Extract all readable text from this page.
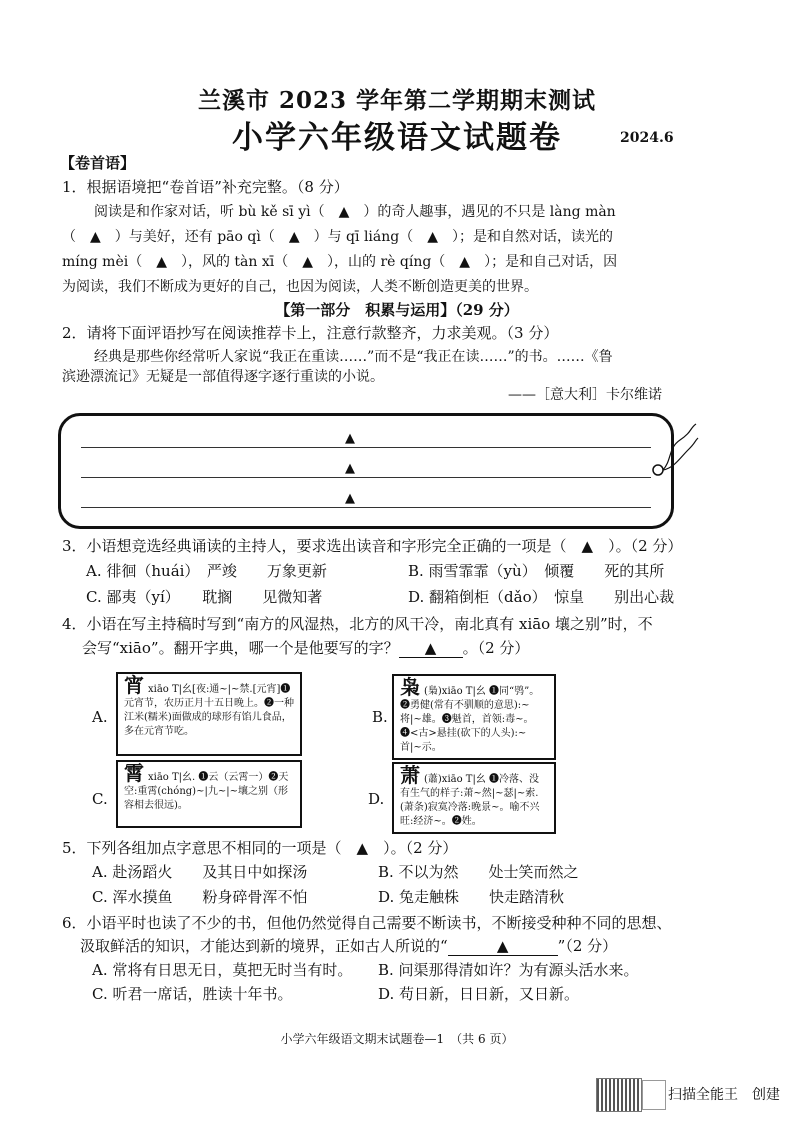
兰溪市 2023 学年第二学期期末测试
小学六年级语文试题卷	2024.6
【卷首语】
1．根据语境把“卷首语”补充完整。（8 分）
阅读是和作家对话，听 bù kě sī yì（　▲　）的奇人趣事，遇见的不只是 làng màn
（　▲　）与美好，还有 pāo qì（　▲　）与 qī liáng（　▲　）；是和自然对话，读光的
míng mèi（　▲　），风的 tàn xī（　▲　），山的 rè qíng（　▲　）；是和自己对话，因
为阅读，我们不断成为更好的自己，也因为阅读，人类不断创造更美的世界。
【第一部分　积累与运用】（29 分）
2．请将下面评语抄写在阅读推荐卡上，注意行款整齐，力求美观。（3 分）
经典是那些你经常听人家说“我正在重读……”而不是“我正在读……”的书。……《鲁
滨逊漂流记》无疑是一部值得逐字逐行重读的小说。
——［意大利］卡尔维诺
▲
▲
▲
3．小语想竞选经典诵读的主持人，要求选出读音和字形完全正确的一项是（　▲　）。（2 分）
A. 徘徊（huái）　严竣　　万象更新	B. 雨雪霏霏（yù）　倾覆　　死的其所
C. 鄙夷（yí）　　耽搁　　见微知著	D. 翻箱倒柜（dǎo）　惊皇　　别出心裁
4．小语在写主持稿时写到“南方的风湿热，北方的风干冷，南北真有 xiāo 壤之别”时，不
会写“xiāo”。翻开字典，哪一个是他要写的字？ ▲ 。（2 分）
A.
宵xiāo T|幺[夜:通~|~禁.[元宵]❶元宵节，农历正月十五日晚上。❷一种江米(糯米)面做成的球形有馅儿食品，多在元宵节吃。
B.
枭 (梟)xiāo T|幺 ❶同“鸮”。❷勇健(常有不驯顺的意思):~将|~雄。❸魁首，首领:毒~。❹<古>悬挂(砍下的人头):~首|~示。
C.
霄xiāo T|幺. ❶云（云霄一）❷天空:重霄(chóng)~|九~|~壤之别（形容相去很远)。	D.
萧 (蕭)xiāo T|幺 ❶冷落、没有生气的样子:萧~然|~瑟|~索.(萧条)寂寞冷落:晚景~。喻不兴旺:经济~。❷姓。
5．下列各组加点字意思不相同的一项是（　▲　）。（2 分）
A. 赴汤蹈火　　及其日中如探汤	B. 不以为然　　处士笑而然之
C. 浑水摸鱼　　粉身碎骨浑不怕	D. 兔走触株　　快走踏清秋
6．小语平时也读了不少的书，但他仍然觉得自己需要不断读书，不断接受种种不同的思想、
汲取鲜活的知识，才能达到新的境界，正如古人所说的“	▲	”（2 分）
A. 常将有日思无日，莫把无时当有时。 B. 问渠那得清如许？为有源头活水来。
C. 听君一席话，胜读十年书。	D. 苟日新，日日新，又日新。
小学六年级语文期末试题卷—1　（共 6 页）
扫描全能王　创建
